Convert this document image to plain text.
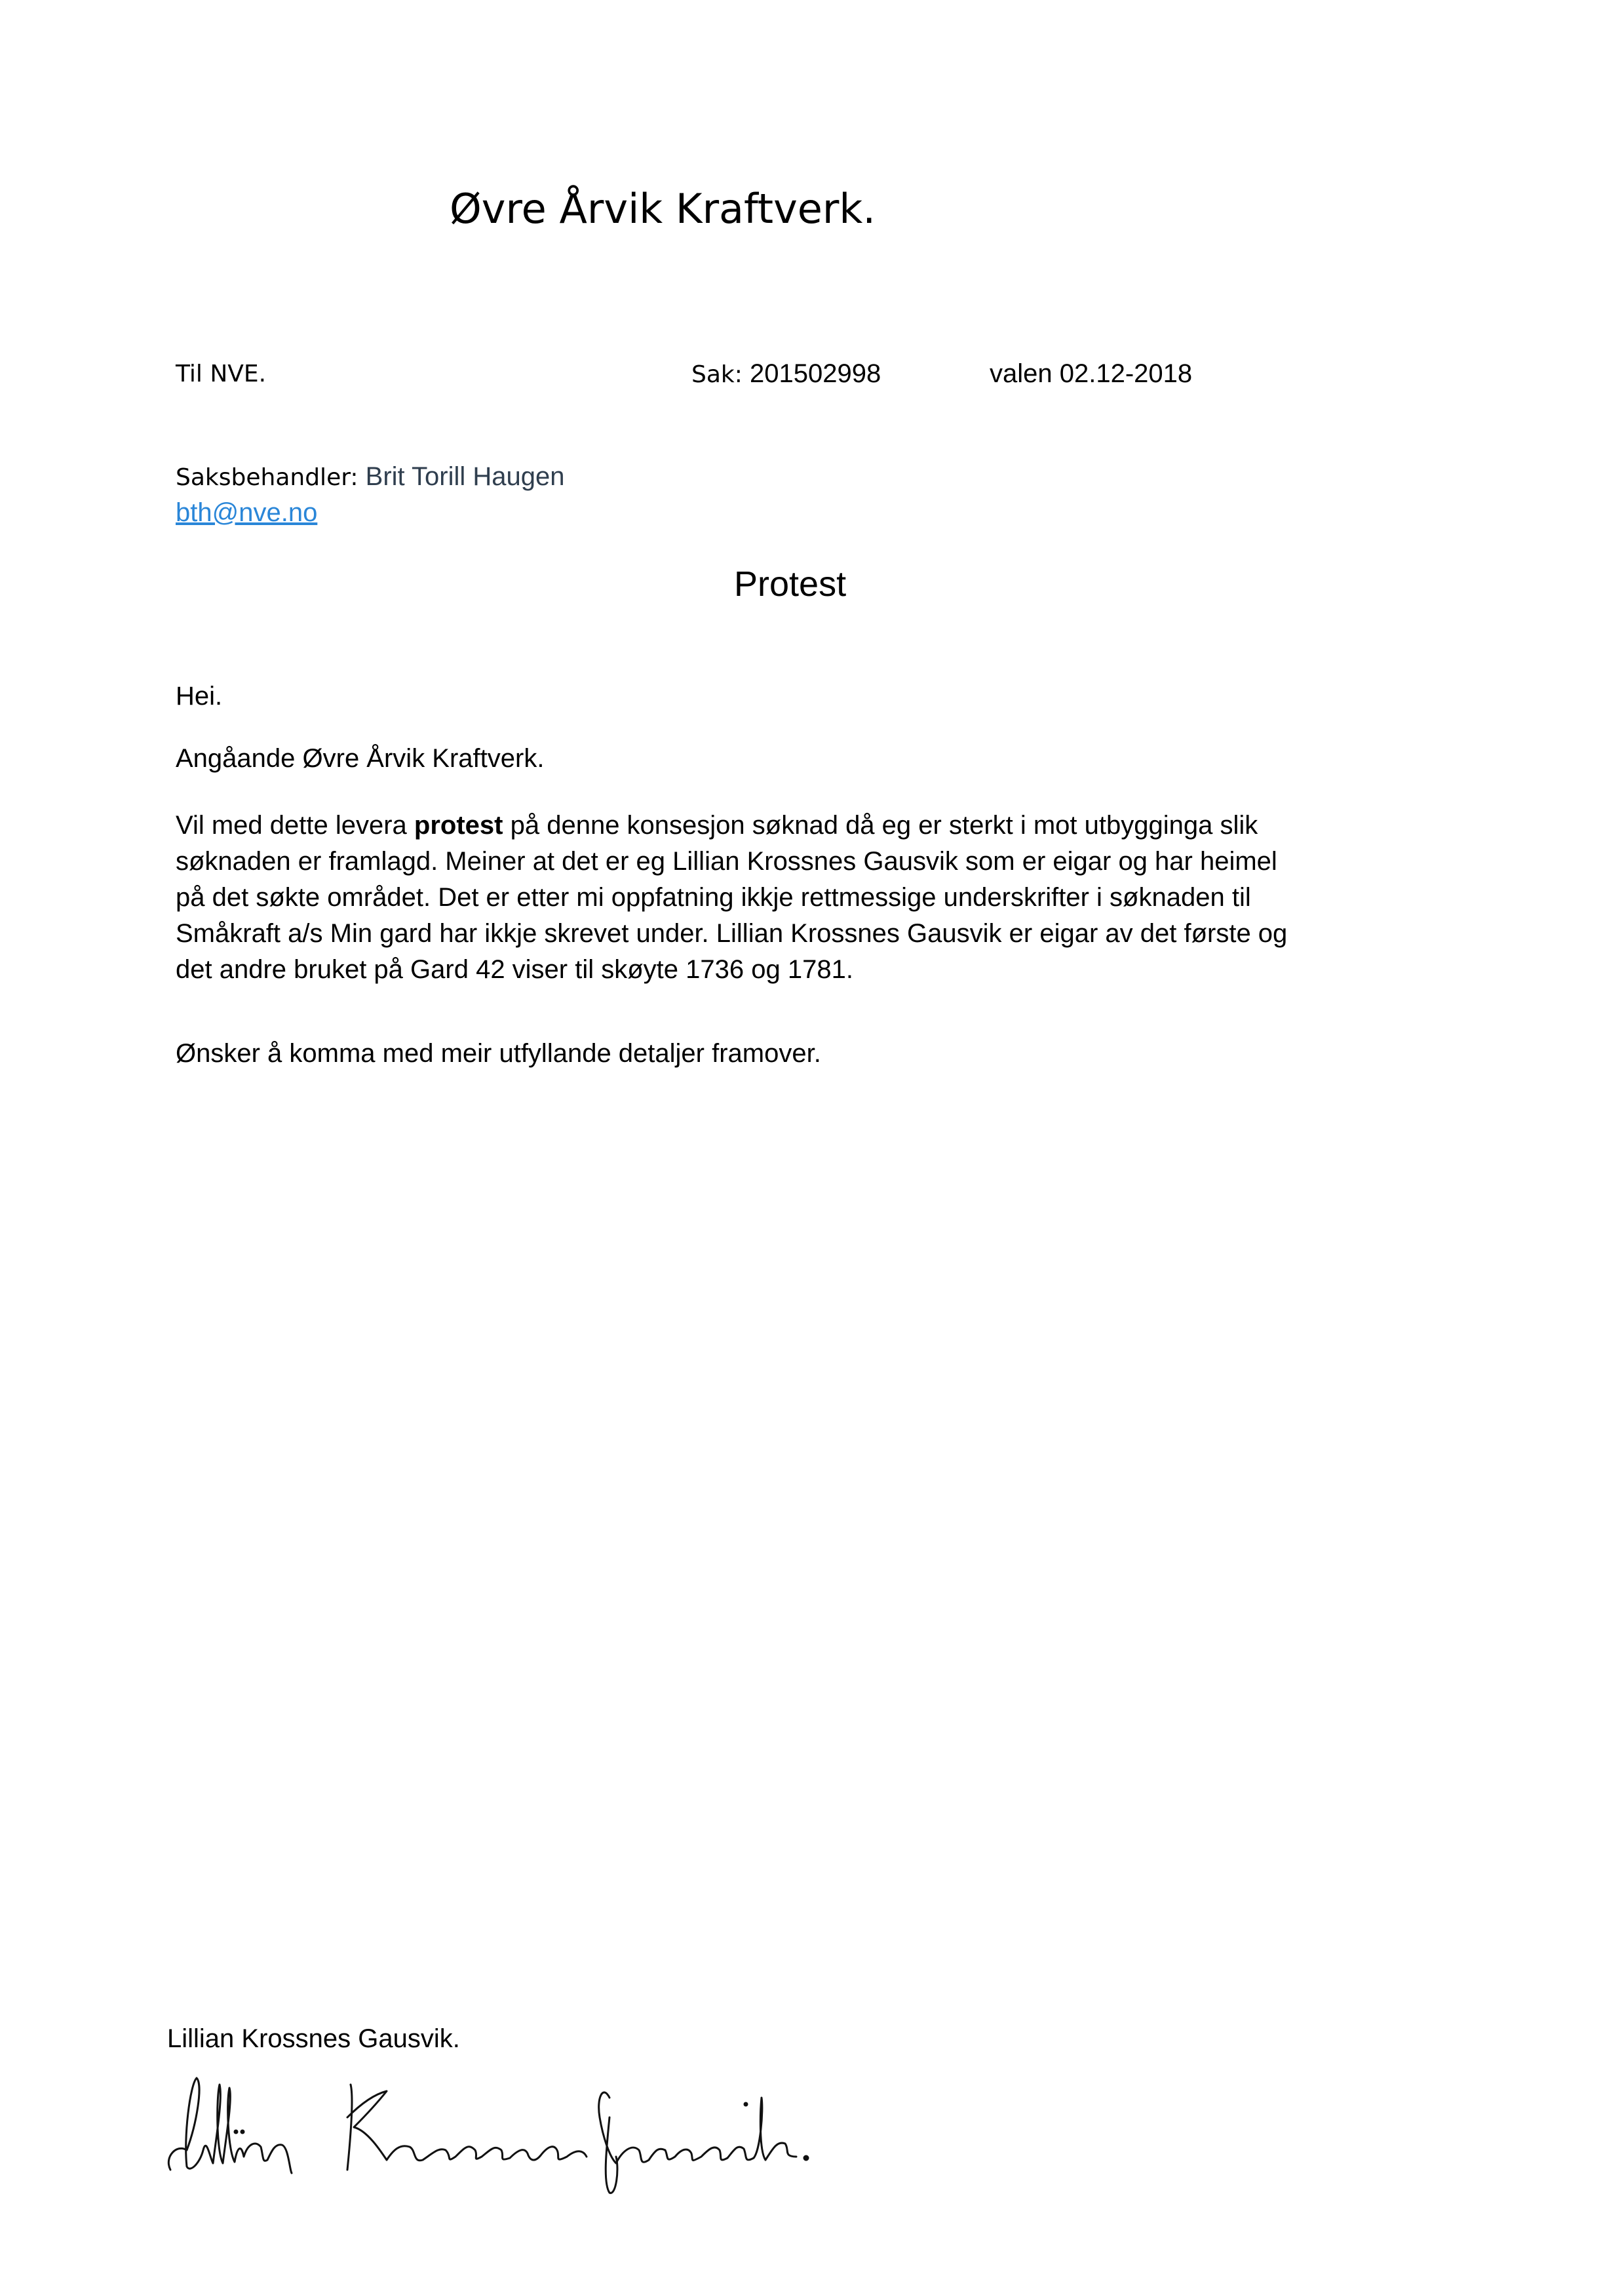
Øvre Årvik Kraftverk.
Til NVE.	Sak: 201502998	valen 02.12-2018
Saksbehandler: Brit Torill Haugen
bth@nve.no
Protest
Hei.
Angåande Øvre Årvik Kraftverk.
Vil med dette levera protest på denne konsesjon søknad då eg er sterkt i mot utbygginga slik
søknaden er framlagd. Meiner at det er eg Lillian Krossnes Gausvik som er eigar og har heimel
på det søkte området. Det er etter mi oppfatning ikkje rettmessige underskrifter i søknaden til
Småkraft a/s Min gard har ikkje skrevet under. Lillian Krossnes Gausvik er eigar av det første og
det andre bruket på Gard 42 viser til skøyte 1736 og 1781.
Ønsker å komma med meir utfyllande detaljer framover.
Lillian Krossnes Gausvik.
